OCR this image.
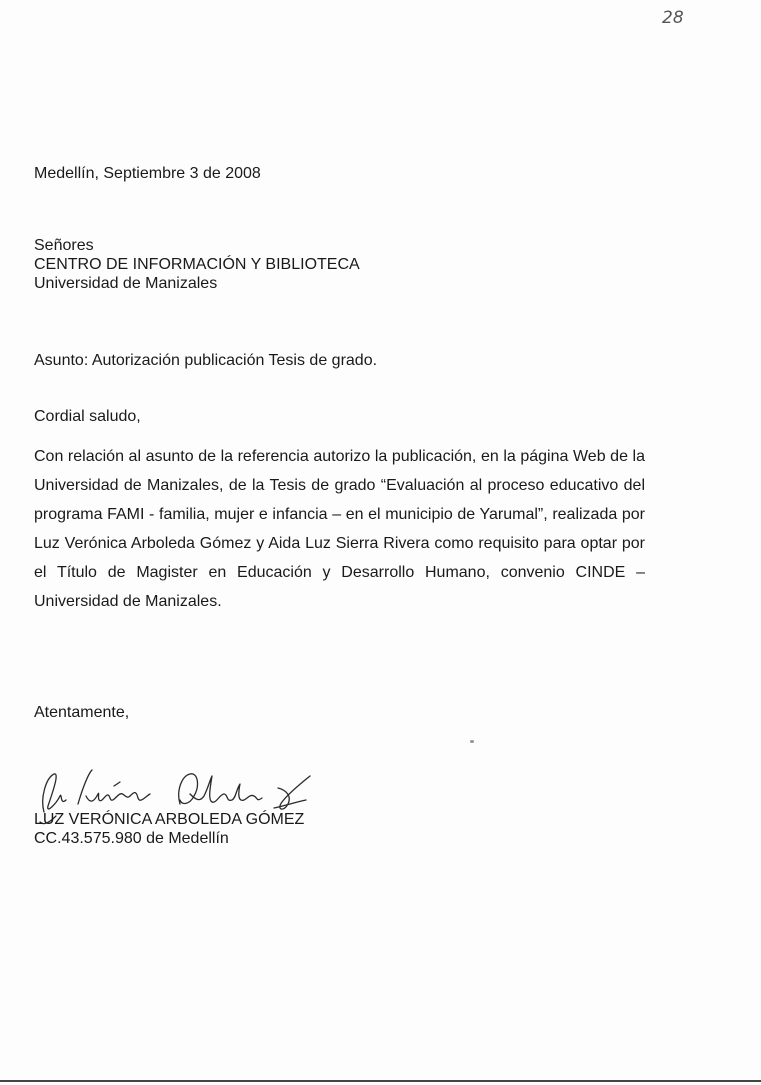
28
Medellín, Septiembre 3 de 2008
Señores
CENTRO DE INFORMACIÓN Y BIBLIOTECA
Universidad de Manizales
Asunto: Autorización publicación Tesis de grado.
Cordial saludo,
Con relación al asunto de la referencia autorizo la publicación, en la página Web de la Universidad de Manizales, de la Tesis de grado “Evaluación al proceso educativo del programa FAMI - familia, mujer e infancia – en el municipio de Yarumal”, realizada por Luz Verónica Arboleda Gómez y Aida Luz Sierra Rivera como requisito para optar por el Título de Magister en Educación y Desarrollo Humano, convenio CINDE – Universidad de Manizales.
Atentamente,
LUZ VERÓNICA ARBOLEDA GÓMEZ
CC.43.575.980 de Medellín
